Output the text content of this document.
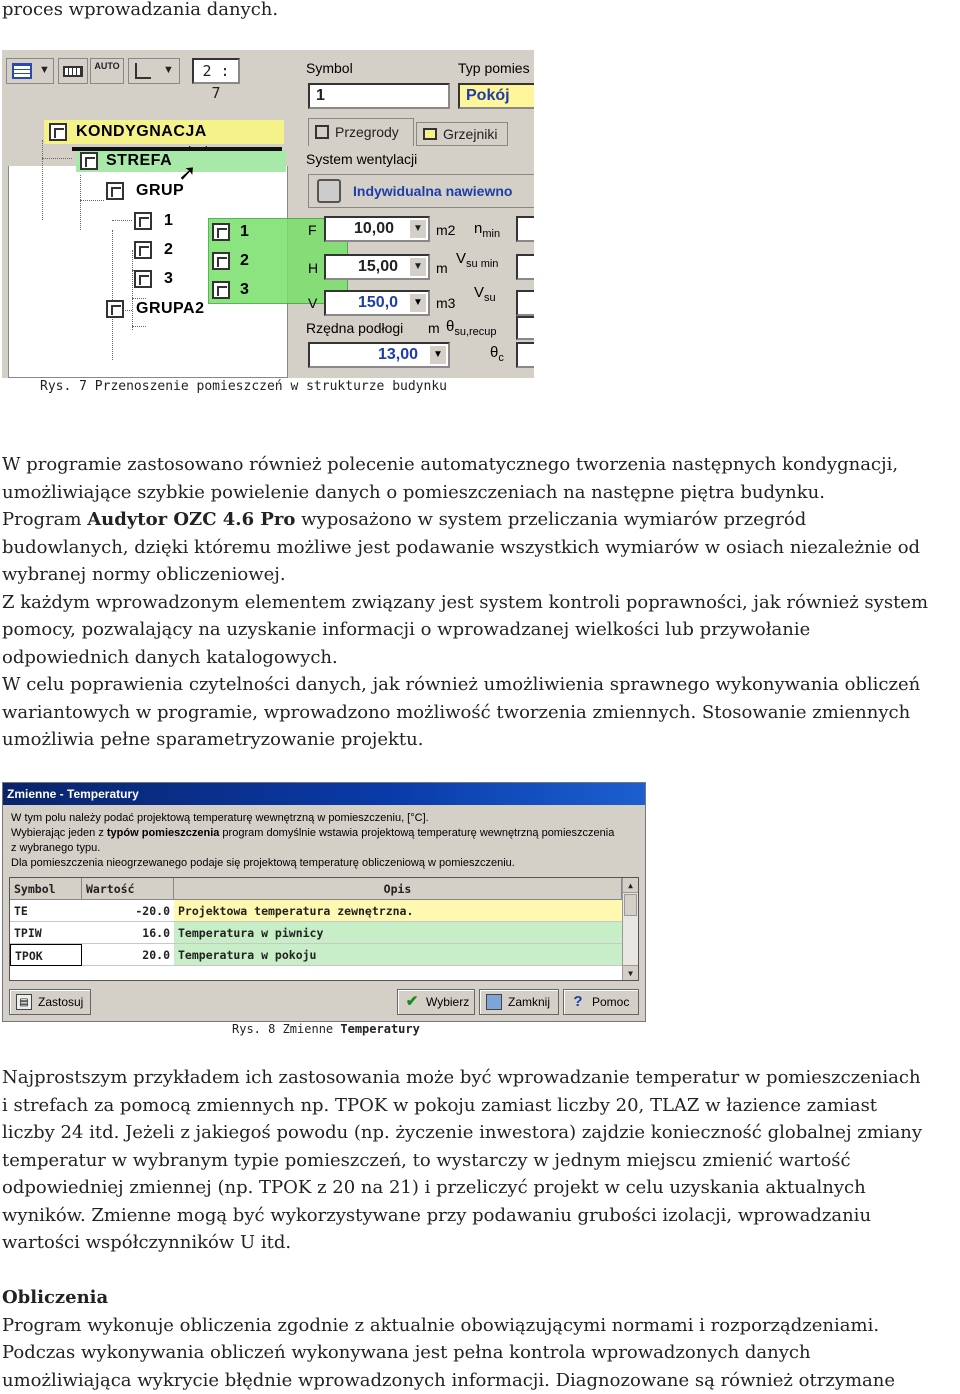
proces wprowadzania danych.

▼	AUTO	▼	2 : 7
KONDYGNACJA
STREFA
GRUP
1
2
3
GRUPA2
1
2
3
➚
Symbol
1
Typ pomies
Pokój
Przegrody	Grzejniki
System wentylacji
Indywidualna nawiewno
F	10,00	▼ m2 $n_{min}$
H	15,00	▼ m
$V_{su min}$
V	150,0	▼ m3
$V_{su}$
Rzędna podłogi m $\theta_{su,recup}$
13,00	▼	$\theta_c$
Rys. 7 Przenoszenie pomieszczeń w strukturze budynku

W programie zastosowano również polecenie automatycznego tworzenia następnych kondygnacji,

umożliwiające szybkie powielenie danych o pomieszczeniach na następne piętra budynku.

Program Audytor OZC 4.6 Pro wyposażono w system przeliczania wymiarów przegród

budowlanych, dzięki któremu możliwe jest podawanie wszystkich wymiarów w osiach niezależnie od

wybranej normy obliczeniowej.

Z każdym wprowadzonym elementem związany jest system kontroli poprawności, jak również system

pomocy, pozwalający na uzyskanie informacji o wprowadzanej wielkości lub przywołanie

odpowiednich danych katalogowych.

W celu poprawienia czytelności danych, jak również umożliwienia sprawnego wykonywania obliczeń

wariantowych w programie, wprowadzono możliwość tworzenia zmiennych. Stosowanie zmiennych

umożliwia pełne sparametryzowanie projektu.

Zmienne - Temperatury
W tym polu należy podać projektową temperaturę wewnętrzną w pomieszczeniu, [°C].
Wybierając jeden z typów pomieszczenia program domyślnie wstawia projektową temperaturę wewnętrzną pomieszczenia
z wybranego typu.
Dla pomieszczenia nieogrzewanego podaje się projektową temperaturę obliczeniową w pomieszczeniu.
Symbol	Wartość	Opis
TE	-20.0 Projektowa temperatura zewnętrzna.
TPIW	16.0 Temperatura w piwnicy
TPOK	20.0 Temperatura w pokoju
▲
▼
▤ Zastosuj	✔ Wybierz	Zamknij	? Pomoc
Rys. 8 Zmienne Temperatury

Najprostszym przykładem ich zastosowania może być wprowadzanie temperatur w pomieszczeniach

i strefach za pomocą zmiennych np. TPOK w pokoju zamiast liczby 20, TLAZ w łazience zamiast

liczby 24 itd. Jeżeli z jakiegoś powodu (np. życzenie inwestora) zajdzie konieczność globalnej zmiany

temperatur w wybranym typie pomieszczeń, to wystarczy w jednym miejscu zmienić wartość

odpowiedniej zmiennej (np. TPOK z 20 na 21) i przeliczyć projekt w celu uzyskania aktualnych

wyników. Zmienne mogą być wykorzystywane przy podawaniu grubości izolacji, wprowadzaniu

wartości współczynników U itd.

Obliczenia

Program wykonuje obliczenia zgodnie z aktualnie obowiązującymi normami i rozporządzeniami.

Podczas wykonywania obliczeń wykonywana jest pełna kontrola wprowadzonych danych

umożliwiająca wykrycie błędnie wprowadzonych informacji. Diagnozowane są również otrzymane
